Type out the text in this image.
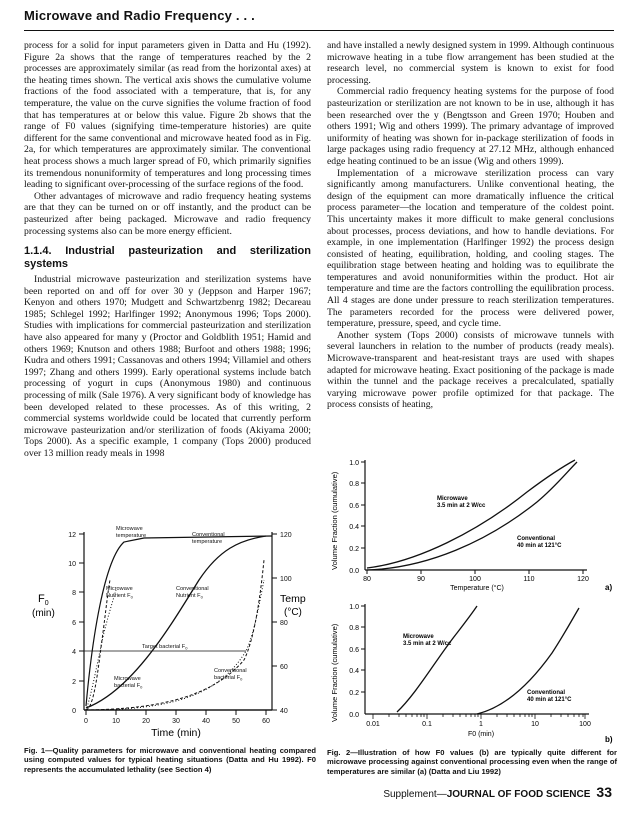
Microwave and Radio Frequency . . .

process for a solid for input parameters given in Datta and Hu (1992). Figure 2a shows that the range of temperatures reached by the 2 processes are approximately similar (as read from the horizontal axes) at the heating times shown. The vertical axis shows the cumulative volume fractions of the food associated with a temperature, that is, for any temperature, the value on the curve signifies the volume fraction of food that has temperatures at or below this value. Figure 2b shows that the range of F0 values (signifying time-temperature histories) are quite different for the same conventional and microwave heated food as in Fig. 2a, for which temperatures are approximately similar. The conventional heat process shows a much larger spread of F0, which primarily signifies its tremendous nonuniformity of temperatures and long processing times leading to significant over-processing of the surface regions of the food.

Other advantages of microwave and radio frequency heating systems are that they can be turned on or off instantly, and the product can be pasteurized after being packaged. Microwave and radio frequency processing systems also can be more energy efficient.

1.1.4. Industrial pasteurization and sterilization systems

Industrial microwave pasteurization and sterilization systems have been reported on and off for over 30 y (Jeppson and Harper 1967; Kenyon and others 1970; Mudgett and Schwartzbenrg 1982; Decareau 1985; Schlegel 1992; Harlfinger 1992; Anonymous 1996; Tops 2000). Studies with implications for commercial pasteurization and sterilization have also appeared for many y (Proctor and Goldblith 1951; Hamid and others 1969; Knutson and others 1988; Burfoot and others 1988; 1996; Kudra and others 1991; Cassanovas and others 1994; Villamiel and others 1997; Zhang and others 1999). Early operational systems include batch processing of yogurt in cups (Anonymous 1980) and continuous processing of milk (Sale 1976). A very significant body of knowledge has been developed related to these processes. As of this writing, 2 commercial systems worldwide could be located that currently perform microwave pasteurization and/or sterilization of foods (Akiyama 2000; Tops 2000). As a specific example, 1 company (Tops 2000) produced over 13 million ready meals in 1998

and have installed a newly designed system in 1999. Although continuous microwave heating in a tube flow arrangement has been studied at the research level, no commercial system is known to exist for food processing.

Commercial radio frequency heating systems for the purpose of food pasteurization or sterilization are not known to be in use, although it has been researched over the y (Bengtsson and Green 1970; Houben and others 1991; Wig and others 1999). The primary advantage of improved uniformity of heating was shown for in-package sterilization of foods in large packages using radio frequency at 27.12 MHz, although enhanced edge heating continued to be an issue (Wig and others 1999).

Implementation of a microwave sterilization process can vary significantly among manufacturers. Unlike conventional heating, the design of the equipment can more dramatically influence the critical process parameter—the location and temperature of the coldest point. This uncertainty makes it more difficult to make general conclusions about processes, process deviations, and how to handle deviations. For example, in one implementation (Harlfinger 1992) the process design consisted of heating, equilibration, holding, and cooling stages. The equilibration stage between heating and holding was to equilibrate the temperatures and avoid nonuniformities within the product. Hot air temperature and time are the factors controlling the equilibration process. All 4 stages are done under pressure to reach sterilization temperatures. The parameters recorded for the process were delivered power, temperature, pressure, speed, and cycle time.

Another system (Tops 2000) consists of microwave tunnels with several launchers in relation to the number of products (ready meals). Microwave-transparent and heat-resistant trays are used with shapes adapted for microwave heating. Exact positioning of the package is made within the tunnel and the package receives a precalculated, spatially varying microwave power profile optimized for that package. The process consists of heating,

12
10
8
6
4
2
0
120
100
80
60
40
0	10	20	30	40	50	60
$F_0$
(min)
Temp
(°C)
Time (min)
Microwave
temperature	Conventional
temperature
Microwave
Nutrient $F_0$
Conventional
Nutrient $F_0$
Target bacterial $F_0$
Conventional
bacterial $F_0$
Microwave
bacterial $F_0$
Fig. 1—Quality parameters for microwave and conventional heating compared using computed values for typical heating situations (Datta and Hu 1992). F0 represents the accumulated lethality (see Section 4)
Volume Fraction (cumulative)
1.0
0.8
0.6
0.4
0.2
0.0
80	90	100	110	120
Temperature (°C)
Microwave
3.5 min at 2 W/cc
Conventional
40 min at 121°C
a)
Volume Fraction (cumulative)
1.0
0.8
0.6
0.4
0.2
0.0
0.01	0.1	1	10	100
F0 (min)
Microwave
3.5 min at 2 W/cc
Conventional
40 min at 121°C
b)
Fig. 2—Illustration of how F0 values (b) are typically quite different for microwave processing against conventional processing even when the range of temperatures are similar (a) (Datta and Liu 1992)
Supplement—JOURNAL OF FOOD SCIENCE 33
